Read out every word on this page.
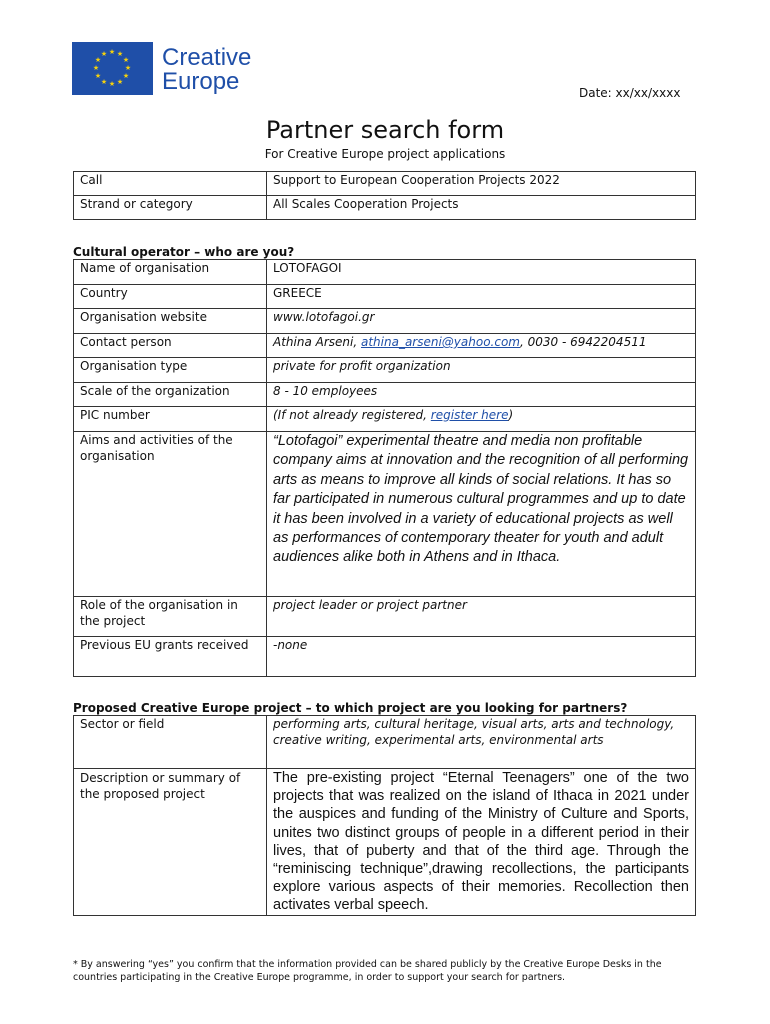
★ ★
★
★
★
★
★
★
★
★
★
★ Creative
Europe	Date: xx/xx/xxxx
Partner search form
For Creative Europe project applications
Call	Support to European Cooperation Projects 2022
Strand or category	All Scales Cooperation Projects
Cultural operator – who are you?
Name of organisation	LOTOFAGOI
Country	GREECE
Organisation website	www.lotofagoi.gr
Contact person	Athina Arseni, athina_arseni@yahoo.com, 0030 - 6942204511
Organisation type	private for profit organization
Scale of the organization	8 - 10 employees
PIC number	(If not already registered, register here)
Aims and activities of the organisation	“Lotofagoi” experimental theatre and media non profitable company aims at innovation and the recognition of all performing arts as means to improve all kinds of social relations. It has so far participated in numerous cultural programmes and up to date it has been involved in a variety of educational projects as well as performances of contemporary theater for youth and adult audiences alike both in Athens and in Ithaca.
Role of the organisation in the project	project leader or project partner
Previous EU grants received	-none
Proposed Creative Europe project – to which project are you looking for partners?
Sector or field	performing arts, cultural heritage, visual arts, arts and technology, creative writing, experimental arts, environmental arts
Description or summary of the proposed project	The pre-existing project “Eternal Teenagers” one of the two projects that was realized on the island of Ithaca in 2021 under the auspices and funding of the Ministry of Culture and Sports, unites two distinct groups of people in a different period in their lives, that of puberty and that of the third age. Through the “reminiscing technique”,drawing recollections, the participants explore various aspects of their memories. Recollection then activates verbal speech.
* By answering “yes” you confirm that the information provided can be shared publicly by the Creative Europe Desks in the countries participating in the Creative Europe programme, in order to support your search for partners.
